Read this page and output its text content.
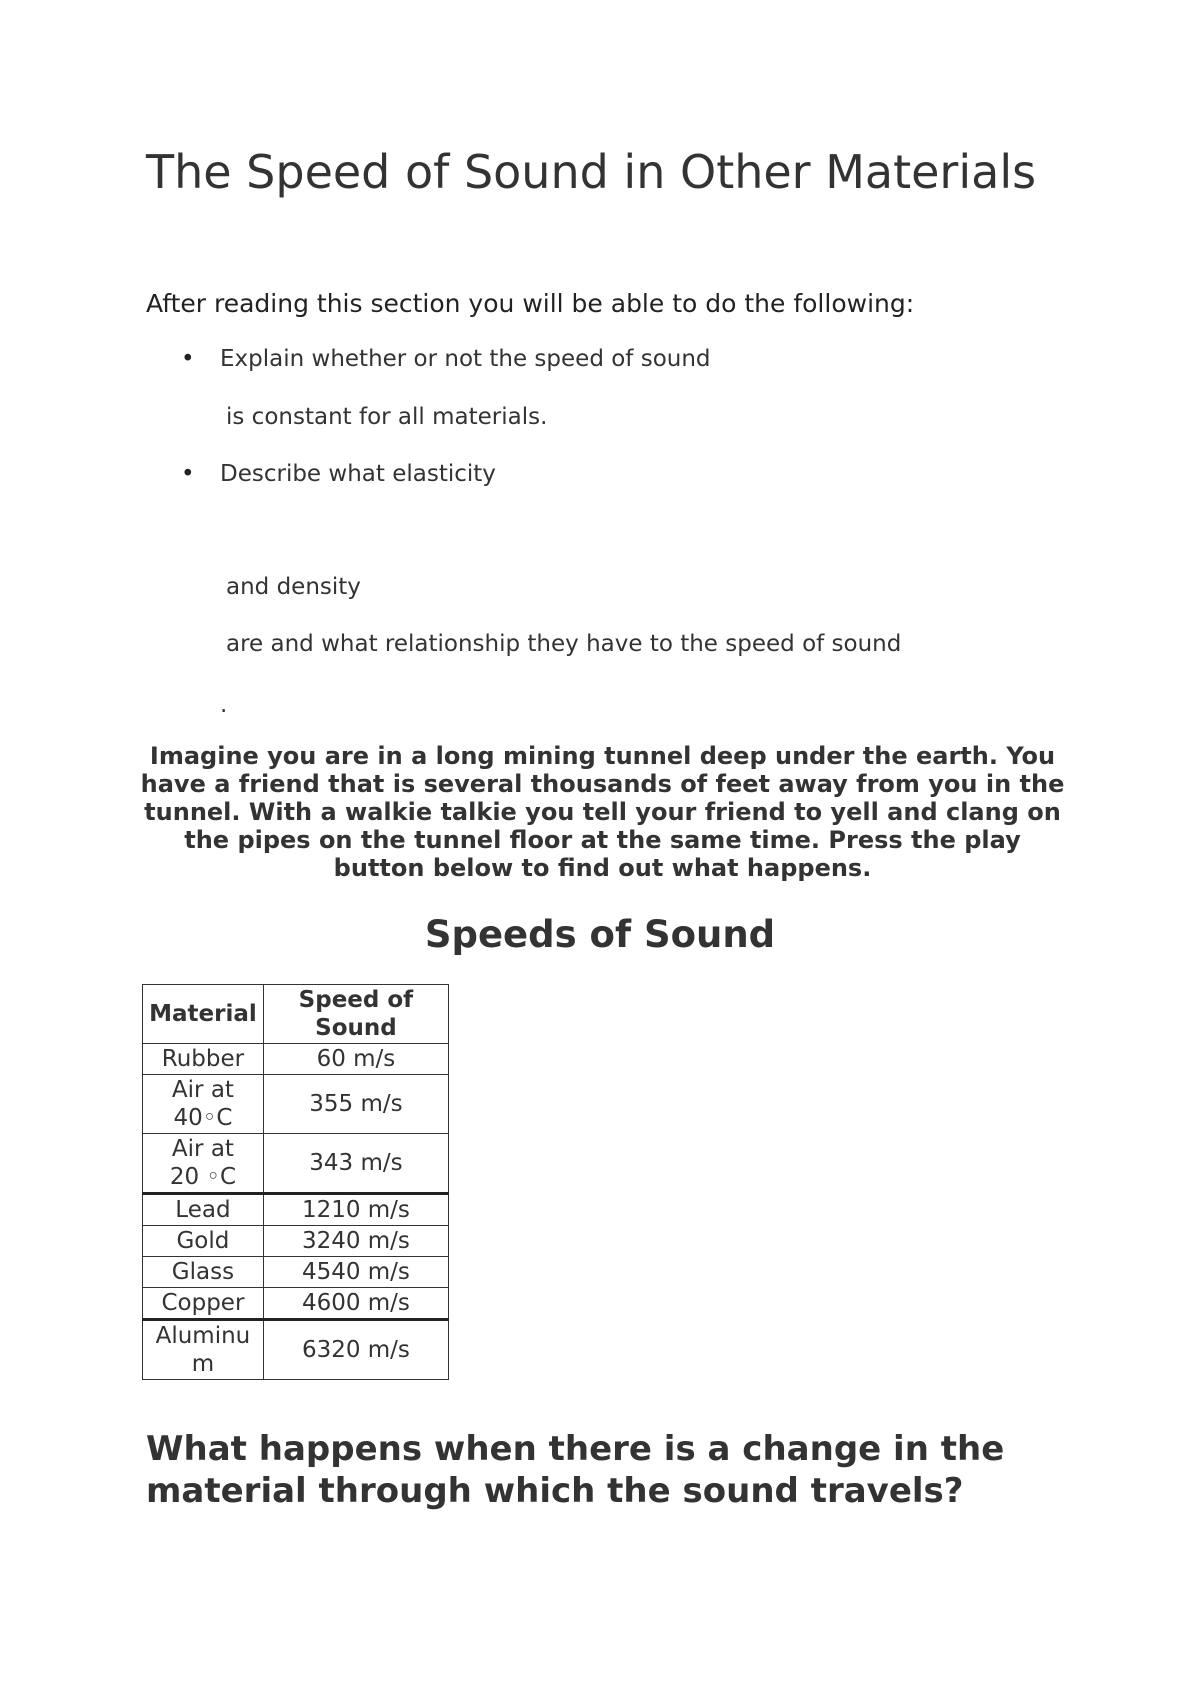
The Speed of Sound in Other Materials

After reading this section you will be able to do the following:

• Explain whether or not the speed of sound
is constant for all materials.
• Describe what elasticity
and density
are and what relationship they have to the speed of sound
.

Imagine you are in a long mining tunnel deep under the earth. You have a friend that is several thousands of feet away from you in the tunnel. With a walkie talkie you tell your friend to yell and clang on the pipes on the tunnel floor at the same time. Press the play button below to find out what happens.

Speeds of Sound
Material	Speed of Sound
Rubber	60 m/s
Air at 40◦C	355 m/s
Air at 20 ◦C	343 m/s
Lead	1210 m/s
Gold	3240 m/s
Glass	4540 m/s
Copper	4600 m/s
Aluminum	6320 m/s
What happens when there is a change in the material through which the sound travels?
